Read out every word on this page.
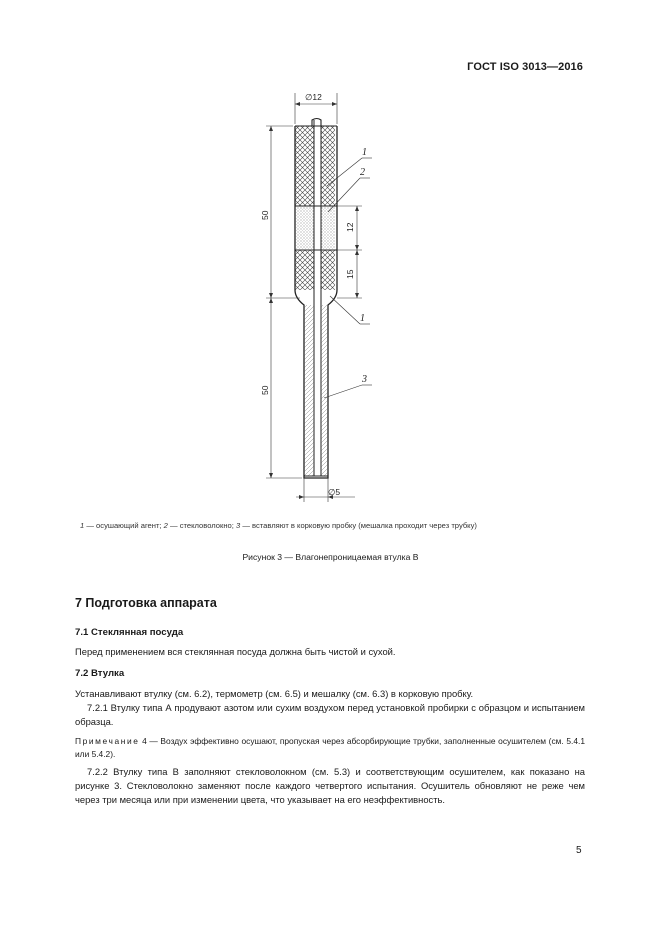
ГОСТ ISO 3013—2016
∅12
50
50
12
15
∅5
1
2
1
3
1 — осушающий агент; 2 — стекловолокно; 3 — вставляют в корковую пробку (мешалка проходит через трубку)
Рисунок 3 — Влагонепроницаемая втулка B
7 Подготовка аппарата
7.1 Стеклянная посуда
Перед применением вся стеклянная посуда должна быть чистой и сухой.
7.2 Втулка
Устанавливают втулку (см. 6.2), термометр (см. 6.5) и мешалку (см. 6.3) в корковую пробку.
7.2.1 Втулку типа А продувают азотом или сухим воздухом перед установкой пробирки с образцом и испытанием образца.
Примечание 4 — Воздух эффективно осушают, пропуская через абсорбирующие трубки, заполненные осушителем (см. 5.4.1 или 5.4.2).
7.2.2 Втулку типа B заполняют стекловолокном (см. 5.3) и соответствующим осушителем, как показано на рисунке 3. Стекловолокно заменяют после каждого четвертого испытания. Осушитель обновляют не реже чем через три месяца или при изменении цвета, что указывает на его неэффективность.
5
